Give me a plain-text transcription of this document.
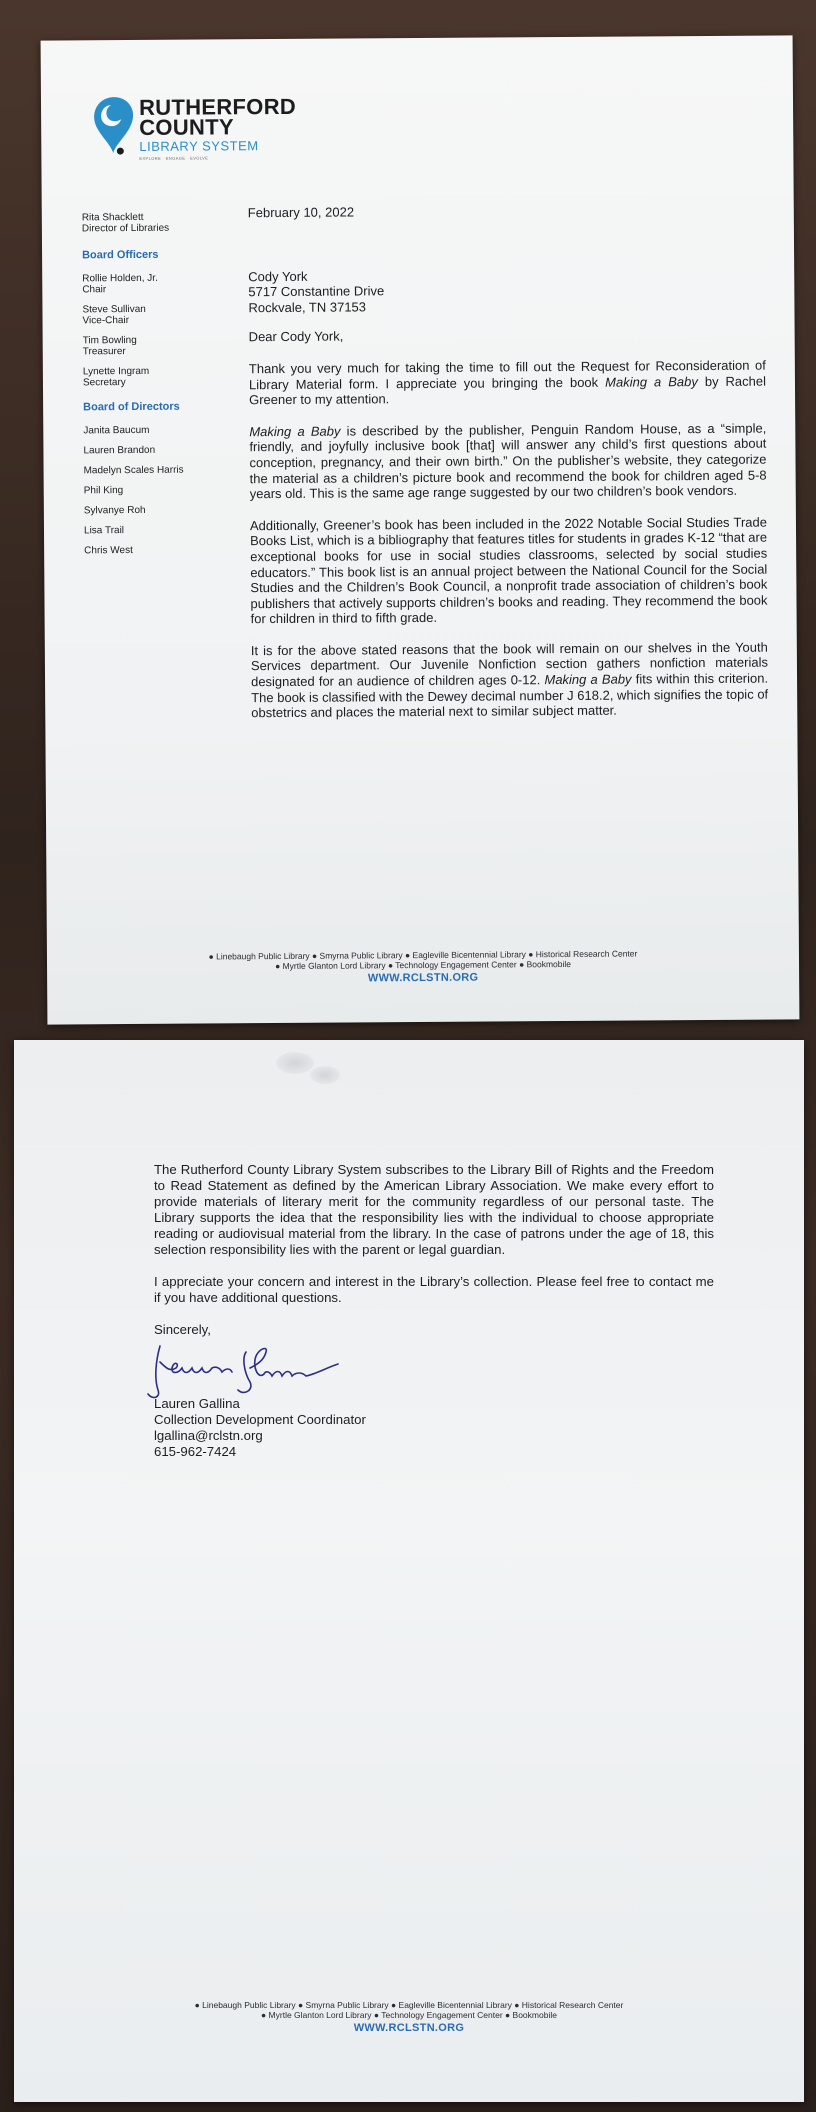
RUTHERFORD
COUNTY
LIBRARY SYSTEM
EXPLORE · ENGAGE · EVOLVE
Rita Shacklett
Director of Libraries
Board Officers
Rollie Holden, Jr.
Chair
Steve Sullivan
Vice-Chair
Tim Bowling
Treasurer
Lynette Ingram
Secretary
Board of Directors
Janita Baucum
Lauren Brandon
Madelyn Scales Harris
Phil King
Sylvanye Roh
Lisa Trail
Chris West

February 10, 2022

Cody York
5717 Constantine Drive
Rockvale, TN 37153

Dear Cody York,

Thank you very much for taking the time to fill out the Request for Reconsideration of Library Material form. I appreciate you bringing the book Making a Baby by Rachel Greener to my attention.

Making a Baby is described by the publisher, Penguin Random House, as a “simple, friendly, and joyfully inclusive book [that] will answer any child’s first questions about conception, pregnancy, and their own birth.” On the publisher’s website, they categorize the material as a children’s picture book and recommend the book for children aged 5-8 years old. This is the same age range suggested by our two children’s book vendors.

Additionally, Greener’s book has been included in the 2022 Notable Social Studies Trade Books List, which is a bibliography that features titles for students in grades K-12 “that are exceptional books for use in social studies classrooms, selected by social studies educators.” This book list is an annual project between the National Council for the Social Studies and the Children’s Book Council, a nonprofit trade association of children’s book publishers that actively supports children’s books and reading. They recommend the book for children in third to fifth grade.

It is for the above stated reasons that the book will remain on our shelves in the Youth Services department. Our Juvenile Nonfiction section gathers nonfiction materials designated for an audience of children ages 0-12. Making a Baby fits within this criterion. The book is classified with the Dewey decimal number J 618.2, which signifies the topic of obstetrics and places the material next to similar subject matter.

● Linebaugh Public Library ● Smyrna Public Library ● Eagleville Bicentennial Library ● Historical Research Center
● Myrtle Glanton Lord Library ● Technology Engagement Center ● Bookmobile
WWW.RCLSTN.ORG

The Rutherford County Library System subscribes to the Library Bill of Rights and the Freedom to Read Statement as defined by the American Library Association. We make every effort to provide materials of literary merit for the community regardless of our personal taste. The Library supports the idea that the responsibility lies with the individual to choose appropriate reading or audiovisual material from the library. In the case of patrons under the age of 18, this selection responsibility lies with the parent or legal guardian.

I appreciate your concern and interest in the Library’s collection. Please feel free to contact me if you have additional questions.

Sincerely,

Lauren Gallina
Collection Development Coordinator
lgallina@rclstn.org
615-962-7424
● Linebaugh Public Library ● Smyrna Public Library ● Eagleville Bicentennial Library ● Historical Research Center
● Myrtle Glanton Lord Library ● Technology Engagement Center ● Bookmobile
WWW.RCLSTN.ORG
